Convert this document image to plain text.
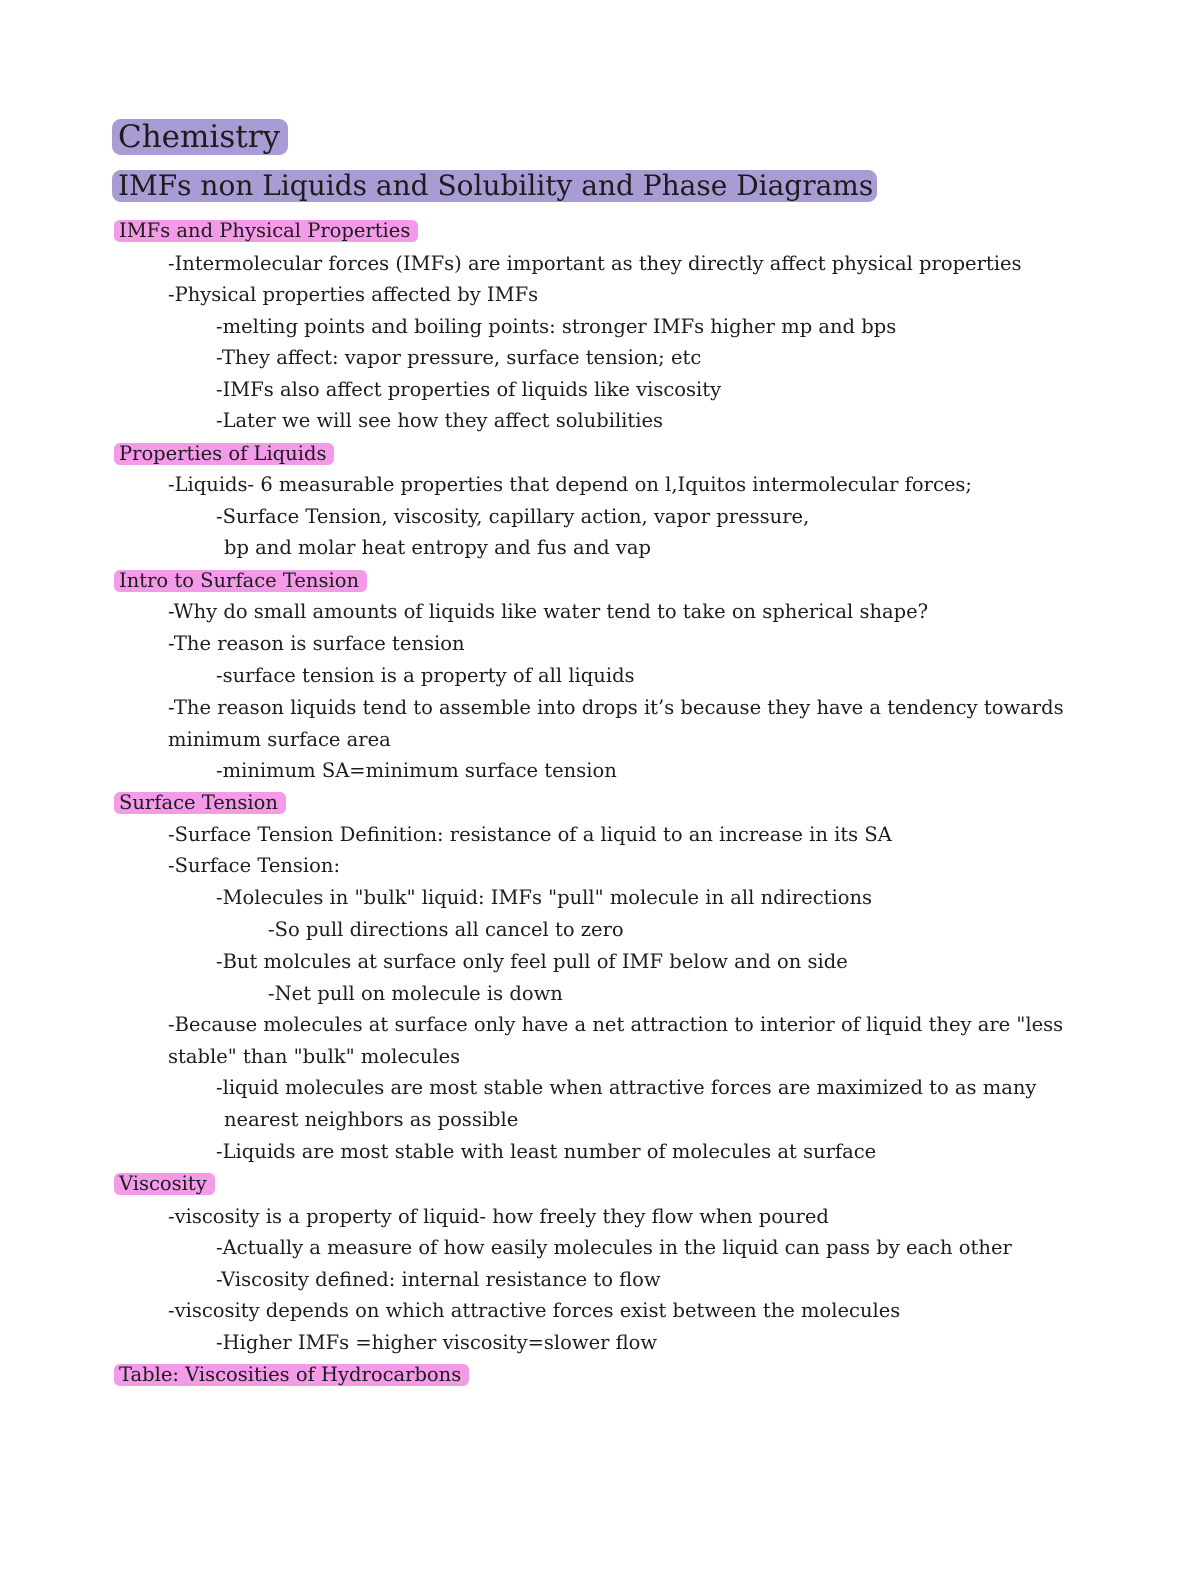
Chemistry
IMFs non Liquids and Solubility and Phase Diagrams
IMFs and Physical Properties
-Intermolecular forces (IMFs) are important as they directly affect physical properties
-Physical properties affected by IMFs
-melting points and boiling points: stronger IMFs higher mp and bps
-They affect: vapor pressure, surface tension; etc
-IMFs also affect properties of liquids like viscosity
-Later we will see how they affect solubilities
Properties of Liquids
-Liquids- 6 measurable properties that depend on l,Iquitos intermolecular forces;
-Surface Tension, viscosity, capillary action, vapor pressure,
bp and molar heat entropy and fus and vap
Intro to Surface Tension
-Why do small amounts of liquids like water tend to take on spherical shape?
-The reason is surface tension
-surface tension is a property of all liquids
-The reason liquids tend to assemble into drops it’s because they have a tendency towards
minimum surface area
-minimum SA=minimum surface tension
Surface Tension
-Surface Tension Definition: resistance of a liquid to an increase in its SA
-Surface Tension:
-Molecules in "bulk" liquid: IMFs "pull" molecule in all ndirections
-So pull directions all cancel to zero
-But molcules at surface only feel pull of IMF below and on side
-Net pull on molecule is down
-Because molecules at surface only have a net attraction to interior of liquid they are "less
stable" than "bulk" molecules
-liquid molecules are most stable when attractive forces are maximized to as many
nearest neighbors as possible
-Liquids are most stable with least number of molecules at surface
Viscosity
-viscosity is a property of liquid- how freely they flow when poured
-Actually a measure of how easily molecules in the liquid can pass by each other
-Viscosity defined: internal resistance to flow
-viscosity depends on which attractive forces exist between the molecules
-Higher IMFs =higher viscosity=slower flow
Table: Viscosities of Hydrocarbons
